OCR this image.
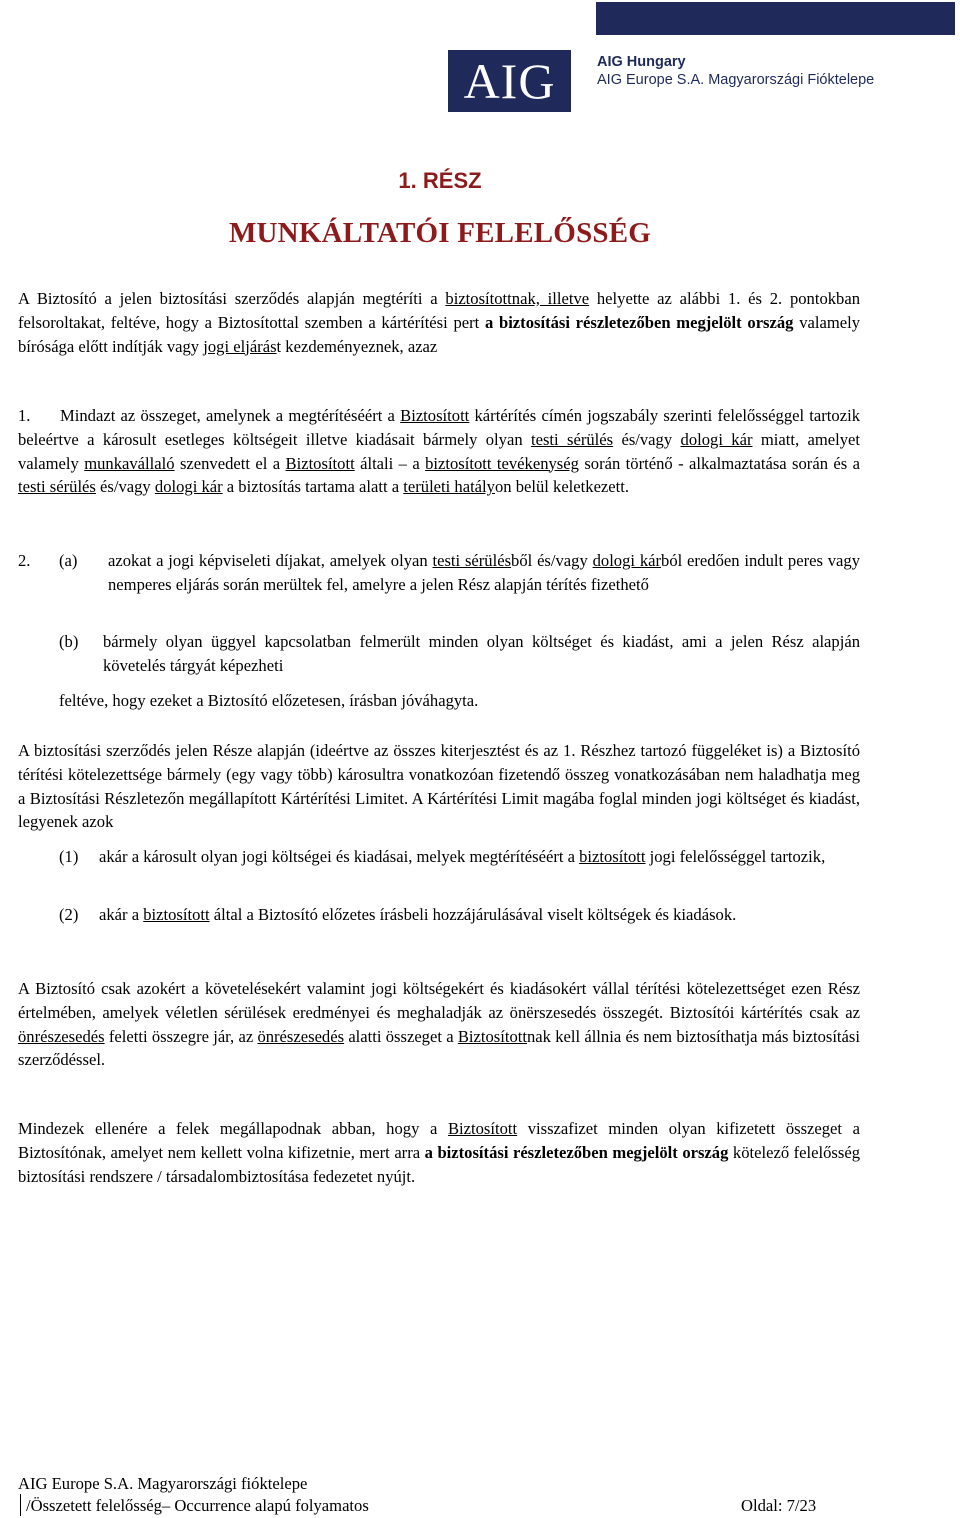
AIG	AIG Hungary
AIG Europe S.A. Magyarországi Fióktelepe
1. RÉSZ
MUNKÁLTATÓI FELELŐSSÉG
A Biztosító a jelen biztosítási szerződés alapján megtéríti a biztosítottnak, illetve helyette az alábbi 1. és 2. pontokban felsoroltakat, feltéve, hogy a Biztosítottal szemben a kártérítési pert a biztosítási részletezőben megjelölt ország valamely bírósága előtt indítják vagy jogi eljárást kezdeményeznek, azaz
1.	Mindazt az összeget, amelynek a megtérítéséért a Biztosított kártérítés címén jogszabály szerinti felelősséggel tartozik beleértve a károsult esetleges költségeit illetve kiadásait bármely olyan testi sérülés és/vagy dologi kár miatt, amelyet valamely munkavállaló szenvedett el a Biztosított általi – a biztosított tevékenység során történő - alkalmaztatása során és a testi sérülés és/vagy dologi kár a biztosítás tartama alatt a területi hatályon belül keletkezett.
2. (a) azokat a jogi képviseleti díjakat, amelyek olyan testi sérülésből és/vagy dologi kárból eredően indult peres vagy nemperes eljárás során merültek fel, amelyre a jelen Rész alapján térítés fizethető
(b) bármely olyan üggyel kapcsolatban felmerült minden olyan költséget és kiadást, ami a jelen Rész alapján követelés tárgyát képezheti
feltéve, hogy ezeket a Biztosító előzetesen, írásban jóváhagyta.
A biztosítási szerződés jelen Része alapján (ideértve az összes kiterjesztést és az 1. Részhez tartozó függeléket is) a Biztosító térítési kötelezettsége bármely (egy vagy több) károsultra vonatkozóan fizetendő összeg vonatkozásában nem haladhatja meg a Biztosítási Részletezőn megállapított Kártérítési Limitet. A Kártérítési Limit magába foglal minden jogi költséget és kiadást, legyenek azok
(1) akár a károsult olyan jogi költségei és kiadásai, melyek megtérítéséért a biztosított jogi felelősséggel tartozik,
(2) akár a biztosított által a Biztosító előzetes írásbeli hozzájárulásával viselt költségek és kiadások.
A Biztosító csak azokért a követelésekért valamint jogi költségekért és kiadásokért vállal térítési kötelezettséget ezen Rész értelmében, amelyek véletlen sérülések eredményei és meghaladják az önërszesedés összegét. Biztosítói kártérítés csak az önrészesedés feletti összegre jár, az önrészesedés alatti összeget a Biztosítottnak kell állnia és nem biztosíthatja más biztosítási szerződéssel.
Mindezek ellenére a felek megállapodnak abban, hogy a Biztosított visszafizet minden olyan kifizetett összeget a Biztosítónak, amelyet nem kellett volna kifizetnie, mert arra a biztosítási részletezőben megjelölt ország kötelező felelősség biztosítási rendszere / társadalombiztosítása fedezetet nyújt.
AIG Europe S.A. Magyarországi fióktelepe
/Összetett felelősség– Occurrence alapú folyamatos	Oldal: 7/23
